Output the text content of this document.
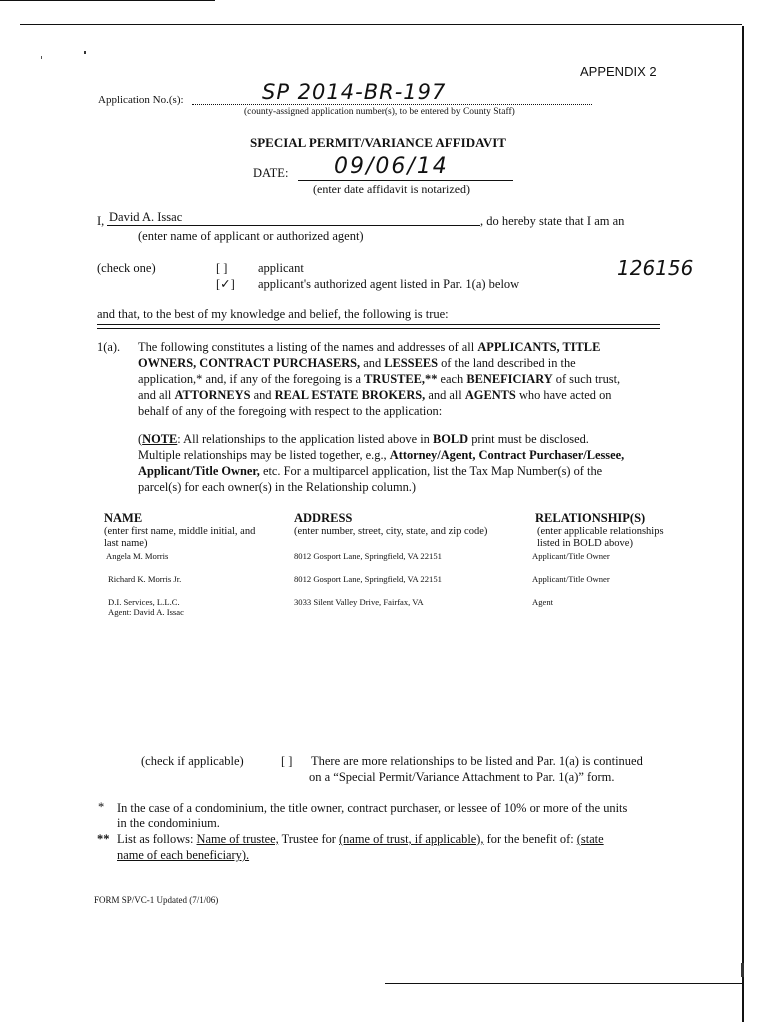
APPENDIX 2
Application No.(s):	SP 2014-BR-197
(county-assigned application number(s), to be entered by County Staff)
SPECIAL PERMIT/VARIANCE AFFIDAVIT
DATE: 09/06/14
(enter date affidavit is notarized)
I, David A. Issac	, do hereby state that I am an
(enter name of applicant or authorized agent)
(check one)	[ ] applicant
[✓] applicant's authorized agent listed in Par. 1(a) below
126156
and that, to the best of my knowledge and belief, the following is true:
1(a). The following constitutes a listing of the names and addresses of all APPLICANTS, TITLE
OWNERS, CONTRACT PURCHASERS, and LESSEES of the land described in the
application,* and, if any of the foregoing is a TRUSTEE,** each BENEFICIARY of such trust,
and all ATTORNEYS and REAL ESTATE BROKERS, and all AGENTS who have acted on
behalf of any of the foregoing with respect to the application:
(NOTE: All relationships to the application listed above in BOLD print must be disclosed.
Multiple relationships may be listed together, e.g., Attorney/Agent, Contract Purchaser/Lessee,
Applicant/Title Owner, etc. For a multiparcel application, list the Tax Map Number(s) of the
parcel(s) for each owner(s) in the Relationship column.)
NAME
(enter first name, middle initial, and
last name)
ADDRESS
(enter number, street, city, state, and zip code)
RELATIONSHIP(S)
(enter applicable relationships
listed in BOLD above)
Angela M. Morris	8012 Gosport Lane, Springfield, VA 22151	Applicant/Title Owner
Richard K. Morris Jr.	8012 Gosport Lane, Springfield, VA 22151	Applicant/Title Owner
D.I. Services, L.L.C.
Agent: David A. Issac
3033 Silent Valley Drive, Fairfax, VA	Agent
(check if applicable)	[ ] There are more relationships to be listed and Par. 1(a) is continued
on a “Special Permit/Variance Attachment to Par. 1(a)” form.
* In the case of a condominium, the title owner, contract purchaser, or lessee of 10% or more of the units
in the condominium.
** List as follows: Name of trustee, Trustee for (name of trust, if applicable), for the benefit of: (state
name of each beneficiary).
FORM SP/VC-1 Updated (7/1/06)
